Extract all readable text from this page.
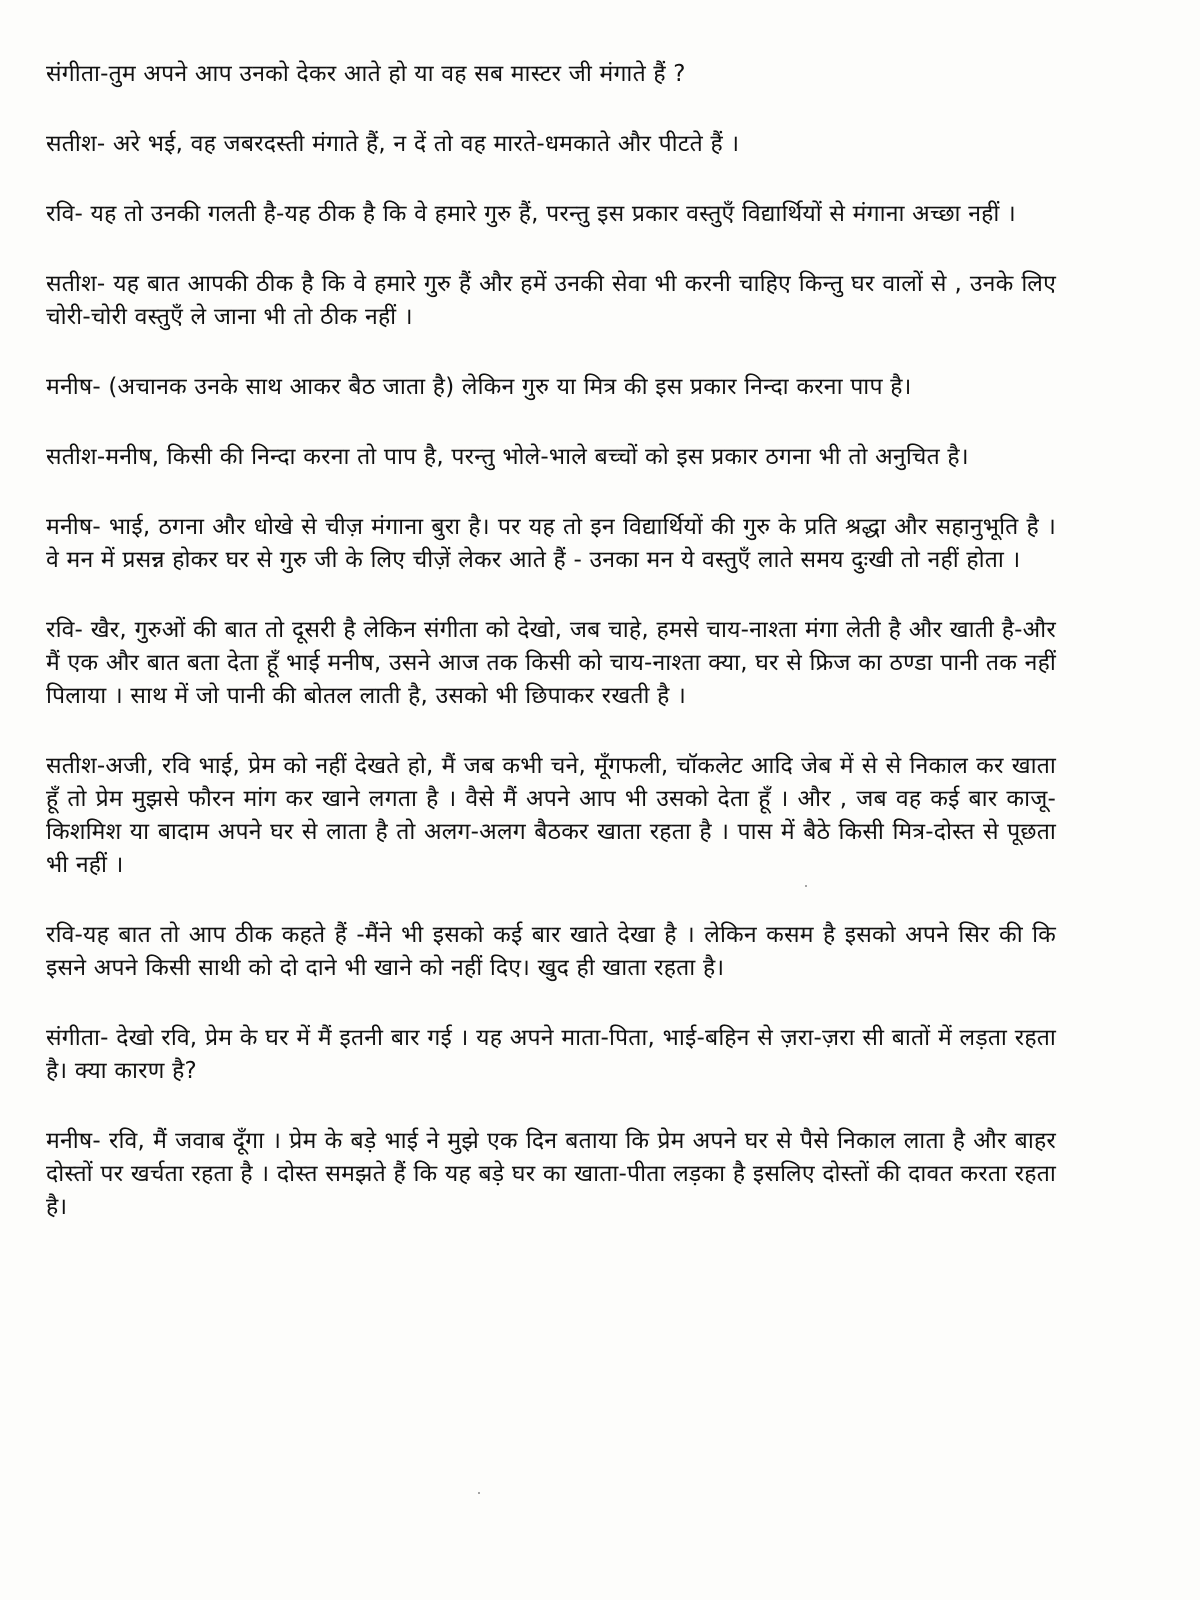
संगीता-तुम अपने आप उनको देकर आते हो या वह सब मास्टर जी मंगाते हैं ?

सतीश- अरे भई, वह जबरदस्ती मंगाते हैं, न दें तो वह मारते-धमकाते और पीटते हैं ।

रवि- यह तो उनकी गलती है-यह ठीक है कि वे हमारे गुरु हैं, परन्तु इस प्रकार वस्तुएँ विद्यार्थियों से मंगाना अच्छा नहीं ।

सतीश- यह बात आपकी ठीक है कि वे हमारे गुरु हैं और हमें उनकी सेवा भी करनी चाहिए किन्तु घर वालों से , उनके लिए चोरी-चोरी वस्तुएँ ले जाना भी तो ठीक नहीं ।

मनीष- (अचानक उनके साथ आकर बैठ जाता है) लेकिन गुरु या मित्र की इस प्रकार निन्दा करना पाप है।

सतीश-मनीष, किसी की निन्दा करना तो पाप है, परन्तु भोले-भाले बच्चों को इस प्रकार ठगना भी तो अनुचित है।

मनीष- भाई, ठगना और धोखे से चीज़ मंगाना बुरा है। पर यह तो इन विद्यार्थियों की गुरु के प्रति श्रद्धा और सहानुभूति है । वे मन में प्रसन्न होकर घर से गुरु जी के लिए चीज़ें लेकर आते हैं - उनका मन ये वस्तुएँ लाते समय दुःखी तो नहीं होता ।

रवि- खैर, गुरुओं की बात तो दूसरी है लेकिन संगीता को देखो, जब चाहे, हमसे चाय-नाश्ता मंगा लेती है और खाती है-और मैं एक और बात बता देता हूँ भाई मनीष, उसने आज तक किसी को चाय-नाश्ता क्या, घर से फ्रिज का ठण्डा पानी तक नहीं पिलाया । साथ में जो पानी की बोतल लाती है, उसको भी छिपाकर रखती है ।

सतीश-अजी, रवि भाई, प्रेम को नहीं देखते हो, मैं जब कभी चने, मूँगफली, चॉकलेट आदि जेब में से से निकाल कर खाता हूँ तो प्रेम मुझसे फौरन मांग कर खाने लगता है । वैसे मैं अपने आप भी उसको देता हूँ । और , जब वह कई बार काजू-किशमिश या बादाम अपने घर से लाता है तो अलग-अलग बैठकर खाता रहता है । पास में बैठे किसी मित्र-दोस्त से पूछता भी नहीं ।

रवि-यह बात तो आप ठीक कहते हैं -मैंने भी इसको कई बार खाते देखा है । लेकिन कसम है इसको अपने सिर की कि इसने अपने किसी साथी को दो दाने भी खाने को नहीं दिए। खुद ही खाता रहता है।

संगीता- देखो रवि, प्रेम के घर में मैं इतनी बार गई । यह अपने माता-पिता, भाई-बहिन से ज़रा-ज़रा सी बातों में लड़ता रहता है। क्या कारण है?

मनीष- रवि, मैं जवाब दूँगा । प्रेम के बड़े भाई ने मुझे एक दिन बताया कि प्रेम अपने घर से पैसे निकाल लाता है और बाहर दोस्तों पर खर्चता रहता है । दोस्त समझते हैं कि यह बड़े घर का खाता-पीता लड़का है इसलिए दोस्तों की दावत करता रहता है।
